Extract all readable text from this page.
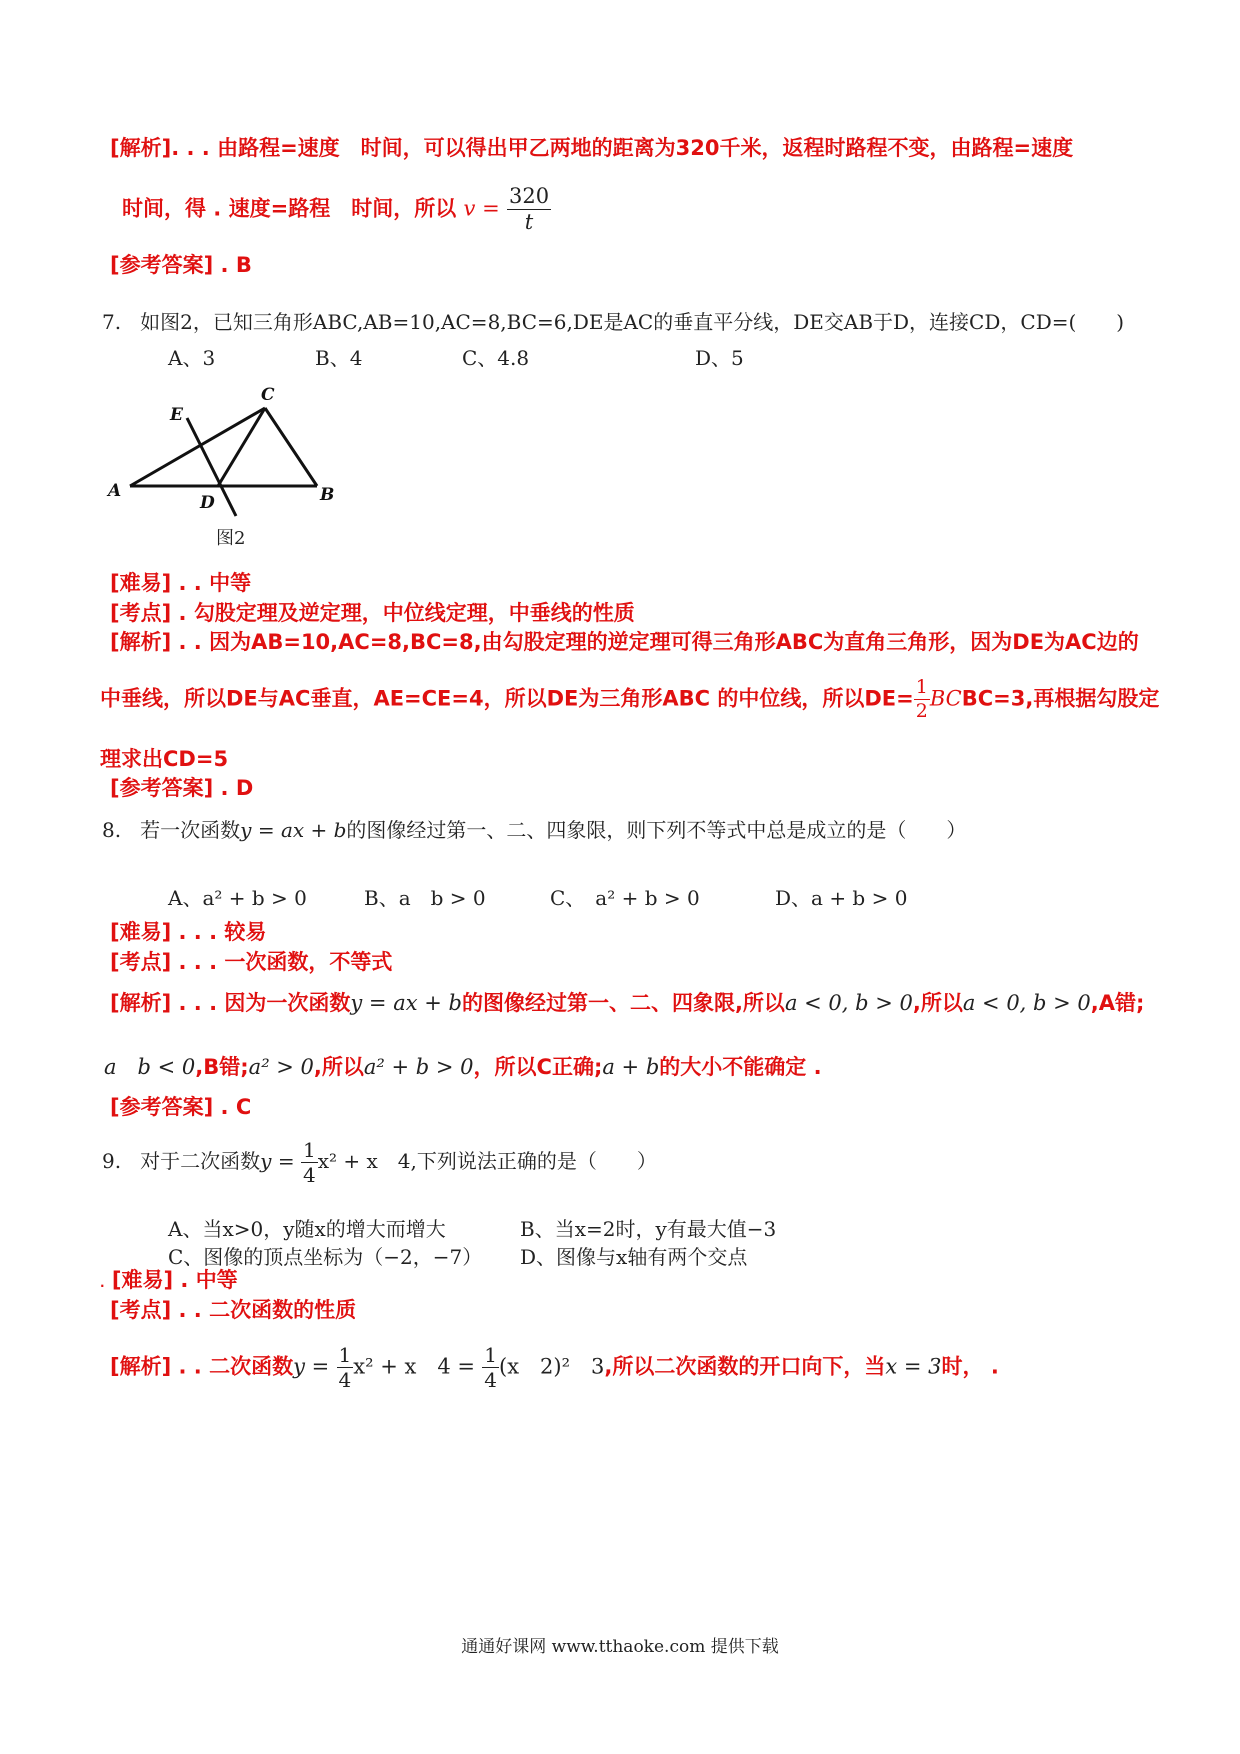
[解析]. . . 由路程=速度　时间，可以得出甲乙两地的距离为320千米，返程时路程不变，由路程=速度
时间，得 . 速度=路程　时间，所以 $v = \frac{320}{t}$
[参考答案] . B
7. 如图2，已知三角形ABC,AB=10,AC=8,BC=6,DE是AC的垂直平分线，DE交AB于D，连接CD，CD=(　　)
A、3	B、4	C、4.8	D、5
A	B
C
D
E
图2
[难易] . . 中等
[考点] . 勾股定理及逆定理，中位线定理，中垂线的性质
[解析] . . 因为AB=10,AC=8,BC=8,由勾股定理的逆定理可得三角形ABC为直角三角形，因为DE为AC边的
中垂线，所以DE与AC垂直，AE=CE=4，所以DE为三角形ABC 的中位线，所以$DE= \frac{1}{2}$ BCBC=3,再根据勾股定
理求出CD=5
[参考答案] . D
8. 若一次函数y = ax + b的图像经过第一、二、四象限，则下列不等式中总是成立的是（　　）
A、a² + b > 0	B、a　b > 0	C、　a² + b > 0	D、a + b > 0
[难易] . . . 较易
[考点] . . . 一次函数，不等式
[解析] . . . 因为一次函数y = ax + b的图像经过第一、二、四象限,所以a < 0, b > 0,所以a < 0, b > 0,A错;
a　b < 0,B错;a² > 0,所以a² + b > 0，所以C正确;a + b的大小不能确定 .
[参考答案] . C
9. 对于二次函数$y = \frac{1}{4} x^2 + x$　4,下列说法正确的是（　　）
A、当x>0，y随x的增大而增大	B、当x=2时，y有最大值−3
C、图像的顶点坐标为（−2，−7） D、图像与x轴有两个交点
. [难易] . 中等
[考点] . . 二次函数的性质
[解析] . . 二次函数$y = \frac{1}{4} x^2 + x$　$4 = \frac{1}{4} (x$　2)²　3,所以二次函数的开口向下，当x = 3时， .
通通好课网 www.tthaoke.com 提供下载
